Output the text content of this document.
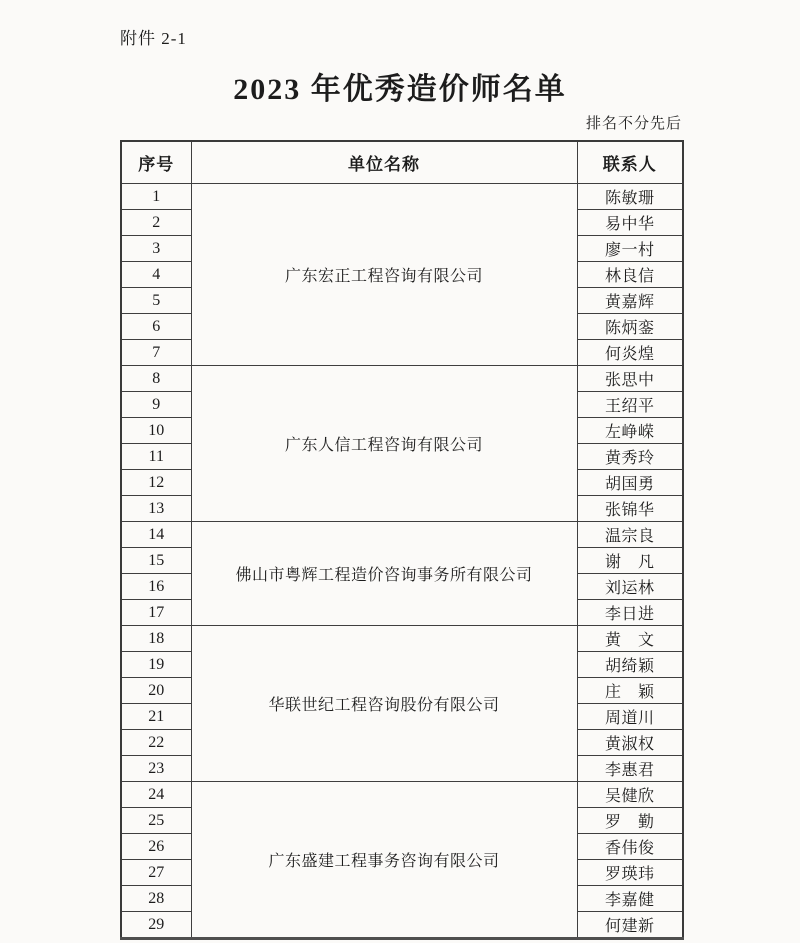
附件 2-1
2023 年优秀造价师名单
排名不分先后
序号	单位名称	联系人
1	广东宏正工程咨询有限公司	陈敏珊
2		易中华
3		廖一村
4		林良信
5		黄嘉辉
6		陈炳銮
7		何炎煌
8	广东人信工程咨询有限公司	张思中
9		王绍平
10		左峥嵘
11		黄秀玲
12		胡国勇
13		张锦华
14	佛山市粤辉工程造价咨询事务所有限公司	温宗良
15		谢　凡
16		刘运林
17		李日进
18	华联世纪工程咨询股份有限公司	黄　文
19		胡绮颖
20		庄　颖
21		周道川
22		黄淑权
23		李惠君
24	广东盛建工程事务咨询有限公司	吴健欣
25		罗　勤
26		香伟俊
27		罗瑛玮
28		李嘉健
29		何建新
